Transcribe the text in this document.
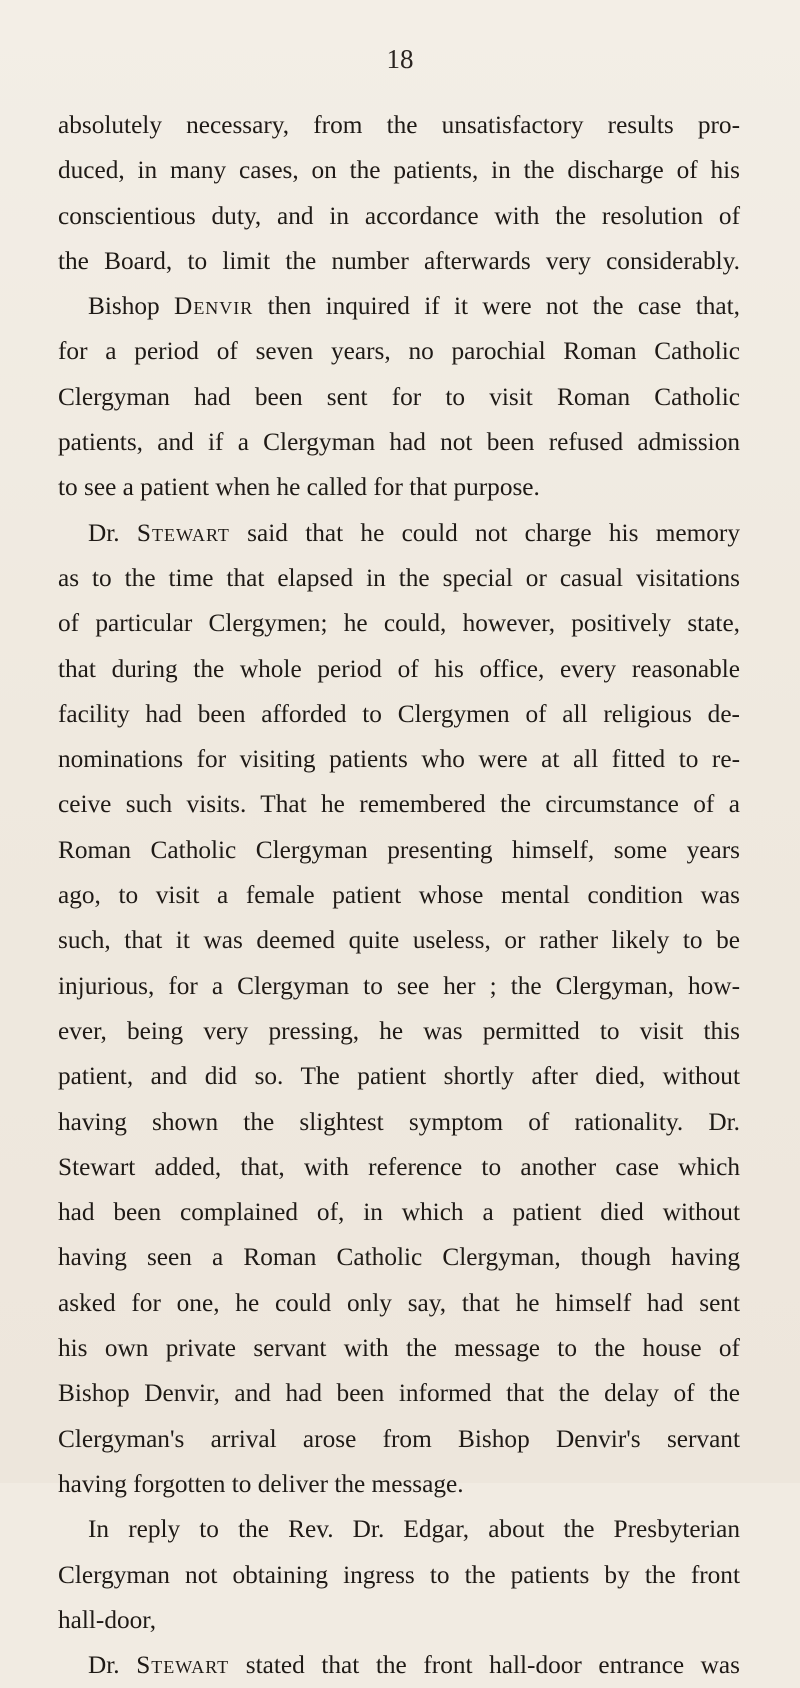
18
absolutely necessary, from the unsatisfactory results pro-
duced, in many cases, on the patients, in the discharge of his
conscientious duty, and in accordance with the resolution of
the Board, to limit the number afterwards very considerably.
Bishop Denvir then inquired if it were not the case that,
for a period of seven years, no parochial Roman Catholic
Clergyman had been sent for to visit Roman Catholic
patients, and if a Clergyman had not been refused admission
to see a patient when he called for that purpose.
Dr. Stewart said that he could not charge his memory
as to the time that elapsed in the special or casual visitations
of particular Clergymen; he could, however, positively state,
that during the whole period of his office, every reasonable
facility had been afforded to Clergymen of all religious de-
nominations for visiting patients who were at all fitted to re-
ceive such visits. That he remembered the circumstance of a
Roman Catholic Clergyman presenting himself, some years
ago, to visit a female patient whose mental condition was
such, that it was deemed quite useless, or rather likely to be
injurious, for a Clergyman to see her ; the Clergyman, how-
ever, being very pressing, he was permitted to visit this
patient, and did so. The patient shortly after died, without
having shown the slightest symptom of rationality. Dr.
Stewart added, that, with reference to another case which
had been complained of, in which a patient died without
having seen a Roman Catholic Clergyman, though having
asked for one, he could only say, that he himself had sent
his own private servant with the message to the house of
Bishop Denvir, and had been informed that the delay of the
Clergyman's arrival arose from Bishop Denvir's servant
having forgotten to deliver the message.
In reply to the Rev. Dr. Edgar, about the Presbyterian
Clergyman not obtaining ingress to the patients by the front
hall-door,
Dr. Stewart stated that the front hall-door entrance was
